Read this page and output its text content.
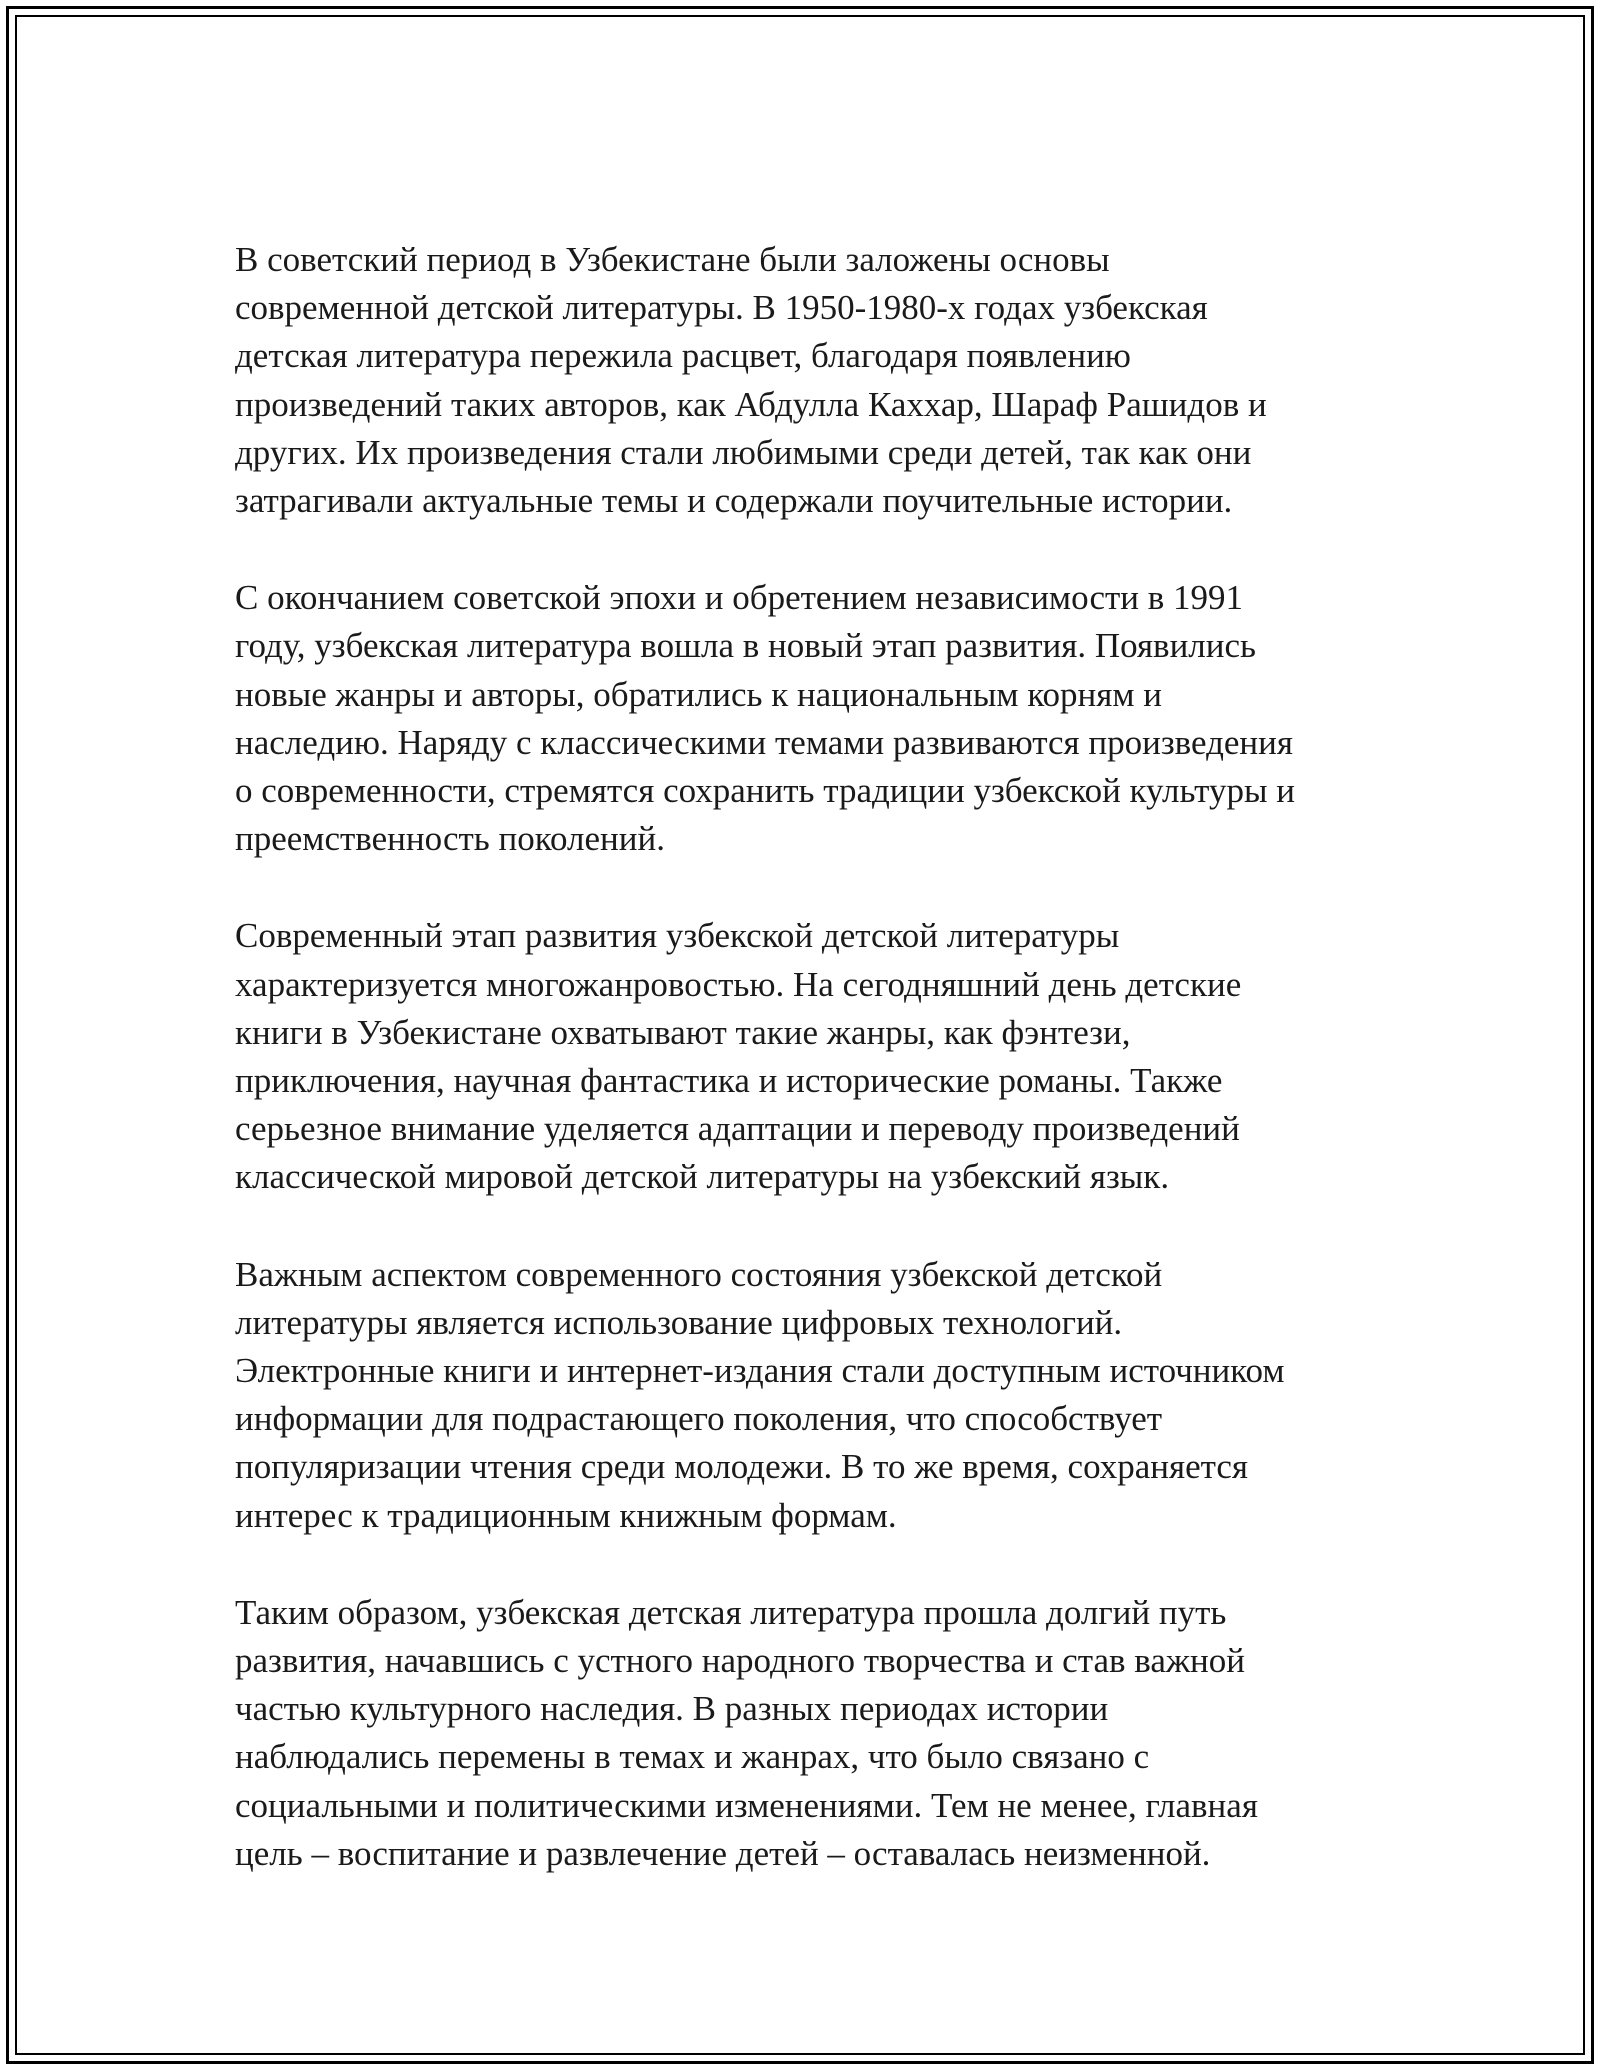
В советский период в Узбекистане были заложены основы
современной детской литературы. В 1950-1980-х годах узбекская
детская литература пережила расцвет, благодаря появлению
произведений таких авторов, как Абдулла Каххар, Шараф Рашидов и
других. Их произведения стали любимыми среди детей, так как они
затрагивали актуальные темы и содержали поучительные истории.

С окончанием советской эпохи и обретением независимости в 1991
году, узбекская литература вошла в новый этап развития. Появились
новые жанры и авторы, обратились к национальным корням и
наследию. Наряду с классическими темами развиваются произведения
о современности, стремятся сохранить традиции узбекской культуры и
преемственность поколений.

Современный этап развития узбекской детской литературы
характеризуется многожанровостью. На сегодняшний день детские
книги в Узбекистане охватывают такие жанры, как фэнтези,
приключения, научная фантастика и исторические романы. Также
серьезное внимание уделяется адаптации и переводу произведений
классической мировой детской литературы на узбекский язык.

Важным аспектом современного состояния узбекской детской
литературы является использование цифровых технологий.
Электронные книги и интернет-издания стали доступным источником
информации для подрастающего поколения, что способствует
популяризации чтения среди молодежи. В то же время, сохраняется
интерес к традиционным книжным формам.

Таким образом, узбекская детская литература прошла долгий путь
развития, начавшись с устного народного творчества и став важной
частью культурного наследия. В разных периодах истории
наблюдались перемены в темах и жанрах, что было связано с
социальными и политическими изменениями. Тем не менее, главная
цель – воспитание и развлечение детей – оставалась неизменной.
